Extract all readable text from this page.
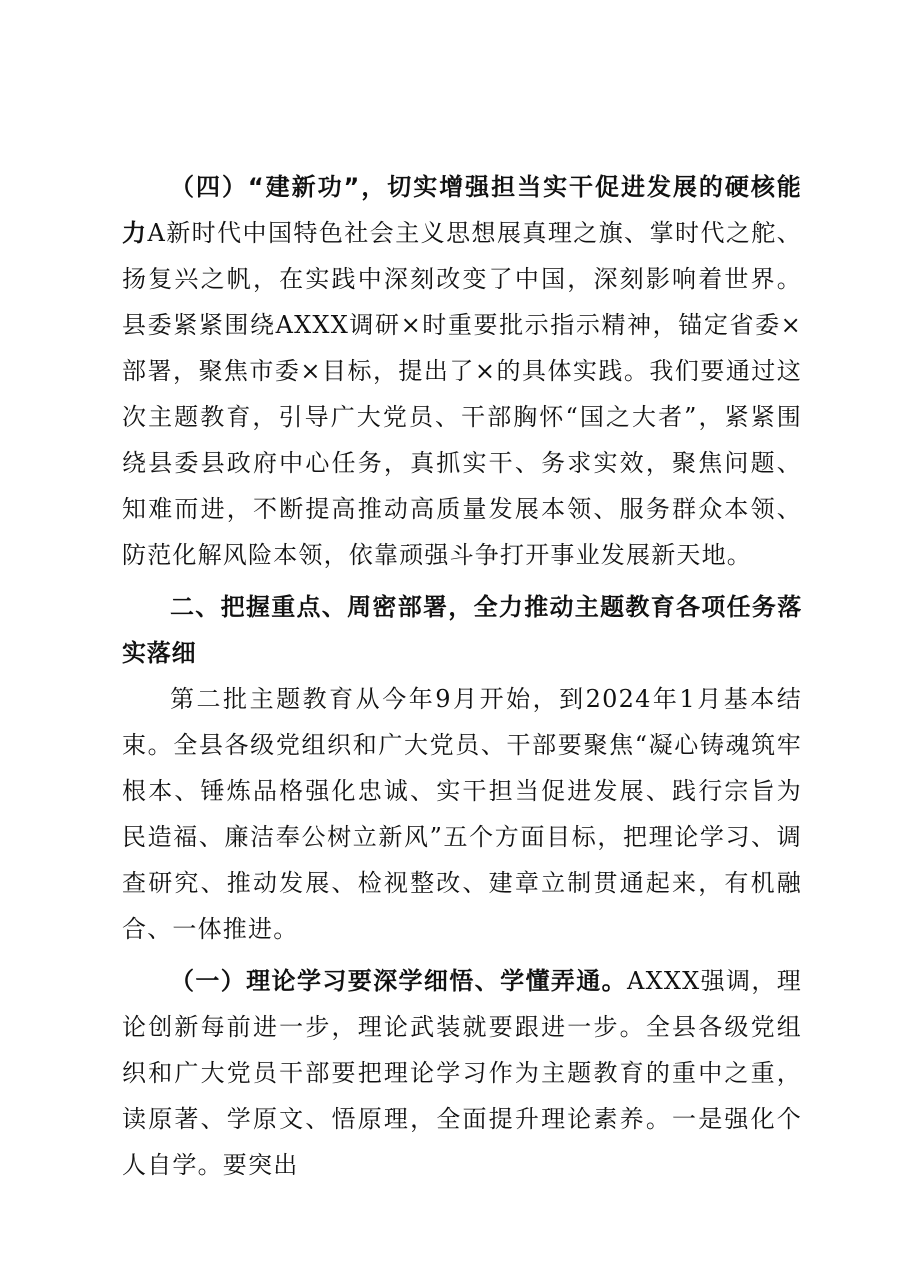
（四）“建新功”，切实增强担当实干促进发展的硬核能力A新时代中国特色社会主义思想展真理之旗、掌时代之舵、扬复兴之帆，在实践中深刻改变了中国，深刻影响着世界。县委紧紧围绕AXXX调研×时重要批示指示精神，锚定省委×部署，聚焦市委×目标，提出了×的具体实践。我们要通过这次主题教育，引导广大党员、干部胸怀“国之大者”，紧紧围绕县委县政府中心任务，真抓实干、务求实效，聚焦问题、知难而进，不断提高推动高质量发展本领、服务群众本领、防范化解风险本领，依靠顽强斗争打开事业发展新天地。

二、把握重点、周密部署，全力推动主题教育各项任务落实落细

第二批主题教育从今年9月开始，到2024年1月基本结束。全县各级党组织和广大党员、干部要聚焦“凝心铸魂筑牢根本、锤炼品格强化忠诚、实干担当促进发展、践行宗旨为民造福、廉洁奉公树立新风”五个方面目标，把理论学习、调查研究、推动发展、检视整改、建章立制贯通起来，有机融合、一体推进。

（一）理论学习要深学细悟、学懂弄通。AXXX强调，理论创新每前进一步，理论武装就要跟进一步。全县各级党组织和广大党员干部要把理论学习作为主题教育的重中之重，读原著、学原文、悟原理，全面提升理论素养。一是强化个人自学。要突出
